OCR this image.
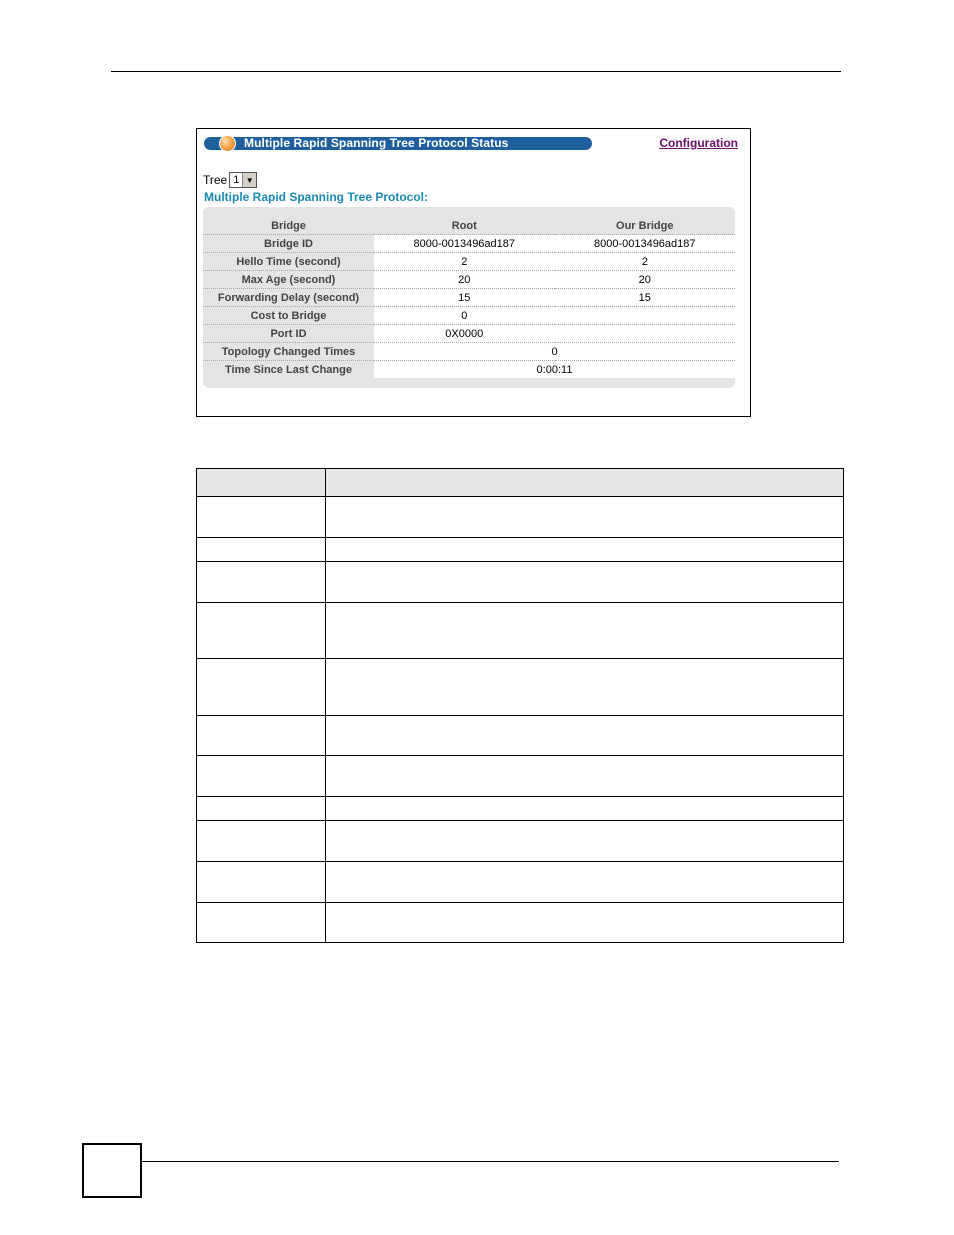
Multiple Rapid Spanning Tree Protocol Status	Configuration
Tree 1 ▼
Multiple Rapid Spanning Tree Protocol:
Bridge	Root	Our Bridge
Bridge ID	8000-0013496ad187	8000-0013496ad187
Hello Time (second)	2	2
Max Age (second)	20	20
Forwarding Delay (second)	15	15
Cost to Bridge	0	
Port ID	0X0000	
Topology Changed Times	0	
Time Since Last Change	0:00:11	
